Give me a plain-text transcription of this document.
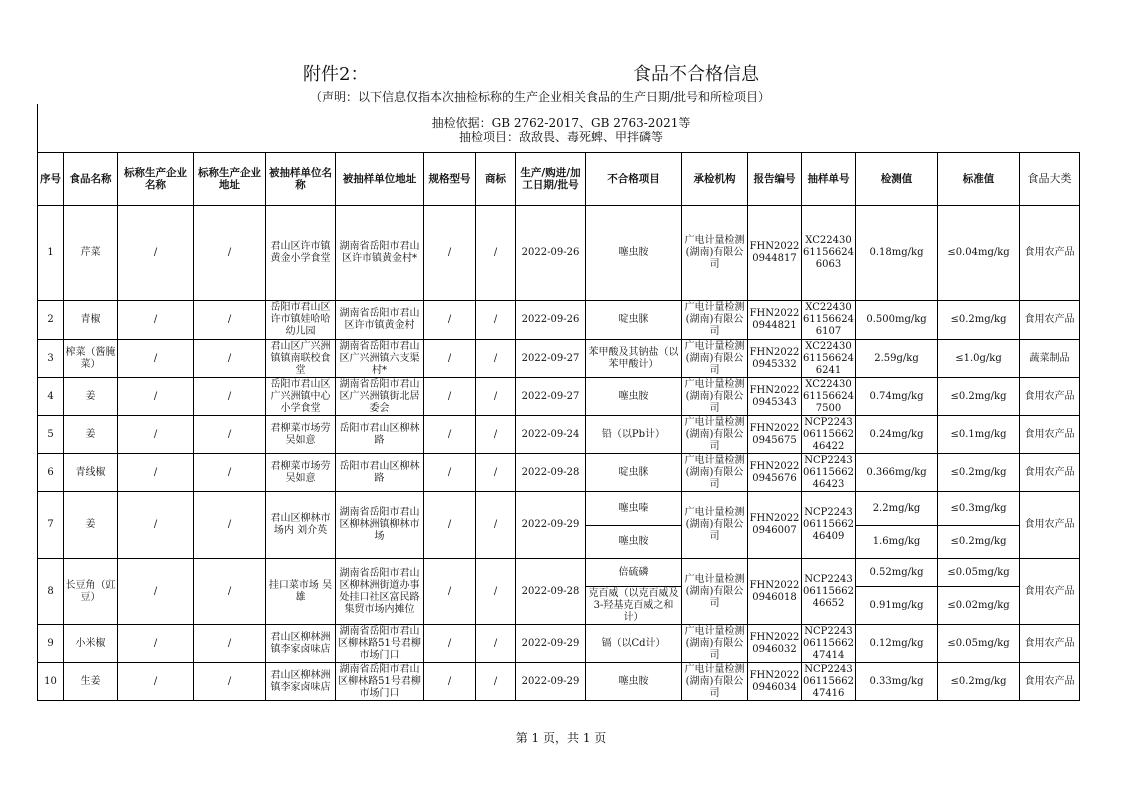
附件2：	食品不合格信息
（声明：以下信息仅指本次抽检标称的生产企业相关食品的生产日期/批号和所检项目）
抽检依据：GB 2762-2017、GB 2763-2021等
抽检项目：敌敌畏、毒死蜱、甲拌磷等
序号	食品名称	标称生产企业名称	标称生产企业地址	被抽样单位名称	被抽样单位地址	规格型号	商标	生产/购进/加工日期/批号	不合格项目	承检机构	报告编号	抽样单号	检测值	标准值	食品大类
1	芹菜	/	/	君山区许市镇黄金小学食堂	湖南省岳阳市君山区许市镇黄金村*	/	/	2022-09-26	噻虫胺	广电计量检测(湖南)有限公司	FHN20220944817	XC22430611566246063	0.18mg/kg	≤0.04mg/kg	食用农产品
2	青椒	/	/	岳阳市君山区许市镇娃哈哈幼儿园	湖南省岳阳市君山区许市镇黄金村	/	/	2022-09-26	啶虫脒	广电计量检测(湖南)有限公司	FHN20220944821	XC22430611566246107	0.500mg/kg	≤0.2mg/kg	食用农产品
3	榨菜（酱腌菜）	/	/	君山区广兴洲镇镇南联校食堂	湖南省岳阳市君山区广兴洲镇六支渠村*	/	/	2022-09-27	苯甲酸及其钠盐（以苯甲酸计）	广电计量检测(湖南)有限公司	FHN20220945332	XC22430611566246241	2.59g/kg	≤1.0g/kg	蔬菜制品
4	姜	/	/	岳阳市君山区广兴洲镇中心小学食堂	湖南省岳阳市君山区广兴洲镇街北居委会	/	/	2022-09-27	噻虫胺	广电计量检测(湖南)有限公司	FHN20220945343	XC22430611566247500	0.74mg/kg	≤0.2mg/kg	食用农产品
5	姜	/	/	君柳菜市场劳吴如意	岳阳市君山区柳林路	/	/	2022-09-24	铅（以Pb计）	广电计量检测(湖南)有限公司	FHN20220945675	NCP22430611566246422	0.24mg/kg	≤0.1mg/kg	食用农产品
6	青线椒	/	/	君柳菜市场劳吴如意	岳阳市君山区柳林路	/	/	2022-09-28	啶虫脒	广电计量检测(湖南)有限公司	FHN20220945676	NCP22430611566246423	0.366mg/kg	≤0.2mg/kg	食用农产品
7	姜	/	/	君山区柳林市场内 刘介英	湖南省岳阳市君山区柳林洲镇柳林市场	/	/	2022-09-29	噻虫嗪	广电计量检测(湖南)有限公司	FHN20220946007	NCP22430611566246409	2.2mg/kg	≤0.3mg/kg	食用农产品
									噻虫胺				1.6mg/kg	≤0.2mg/kg	
8	长豆角（豇豆）	/	/	挂口菜市场 吴雄	湖南省岳阳市君山区柳林洲街道办事处挂口社区富民路集贸市场内摊位	/	/	2022-09-28	倍硫磷	广电计量检测(湖南)有限公司	FHN20220946018	NCP22430611566246652	0.52mg/kg	≤0.05mg/kg	食用农产品
									克百威（以克百威及3-羟基克百威之和计）				0.91mg/kg	≤0.02mg/kg	
9	小米椒	/	/	君山区柳林洲镇李家卤味店	湖南省岳阳市君山区柳林路51号君柳市场门口	/	/	2022-09-29	镉（以Cd计）	广电计量检测(湖南)有限公司	FHN20220946032	NCP22430611566247414	0.12mg/kg	≤0.05mg/kg	食用农产品
10	生姜	/	/	君山区柳林洲镇李家卤味店	湖南省岳阳市君山区柳林路51号君柳市场门口	/	/	2022-09-29	噻虫胺	广电计量检测(湖南)有限公司	FHN20220946034	NCP22430611566247416	0.33mg/kg	≤0.2mg/kg	食用农产品
第 1 页，共 1 页
